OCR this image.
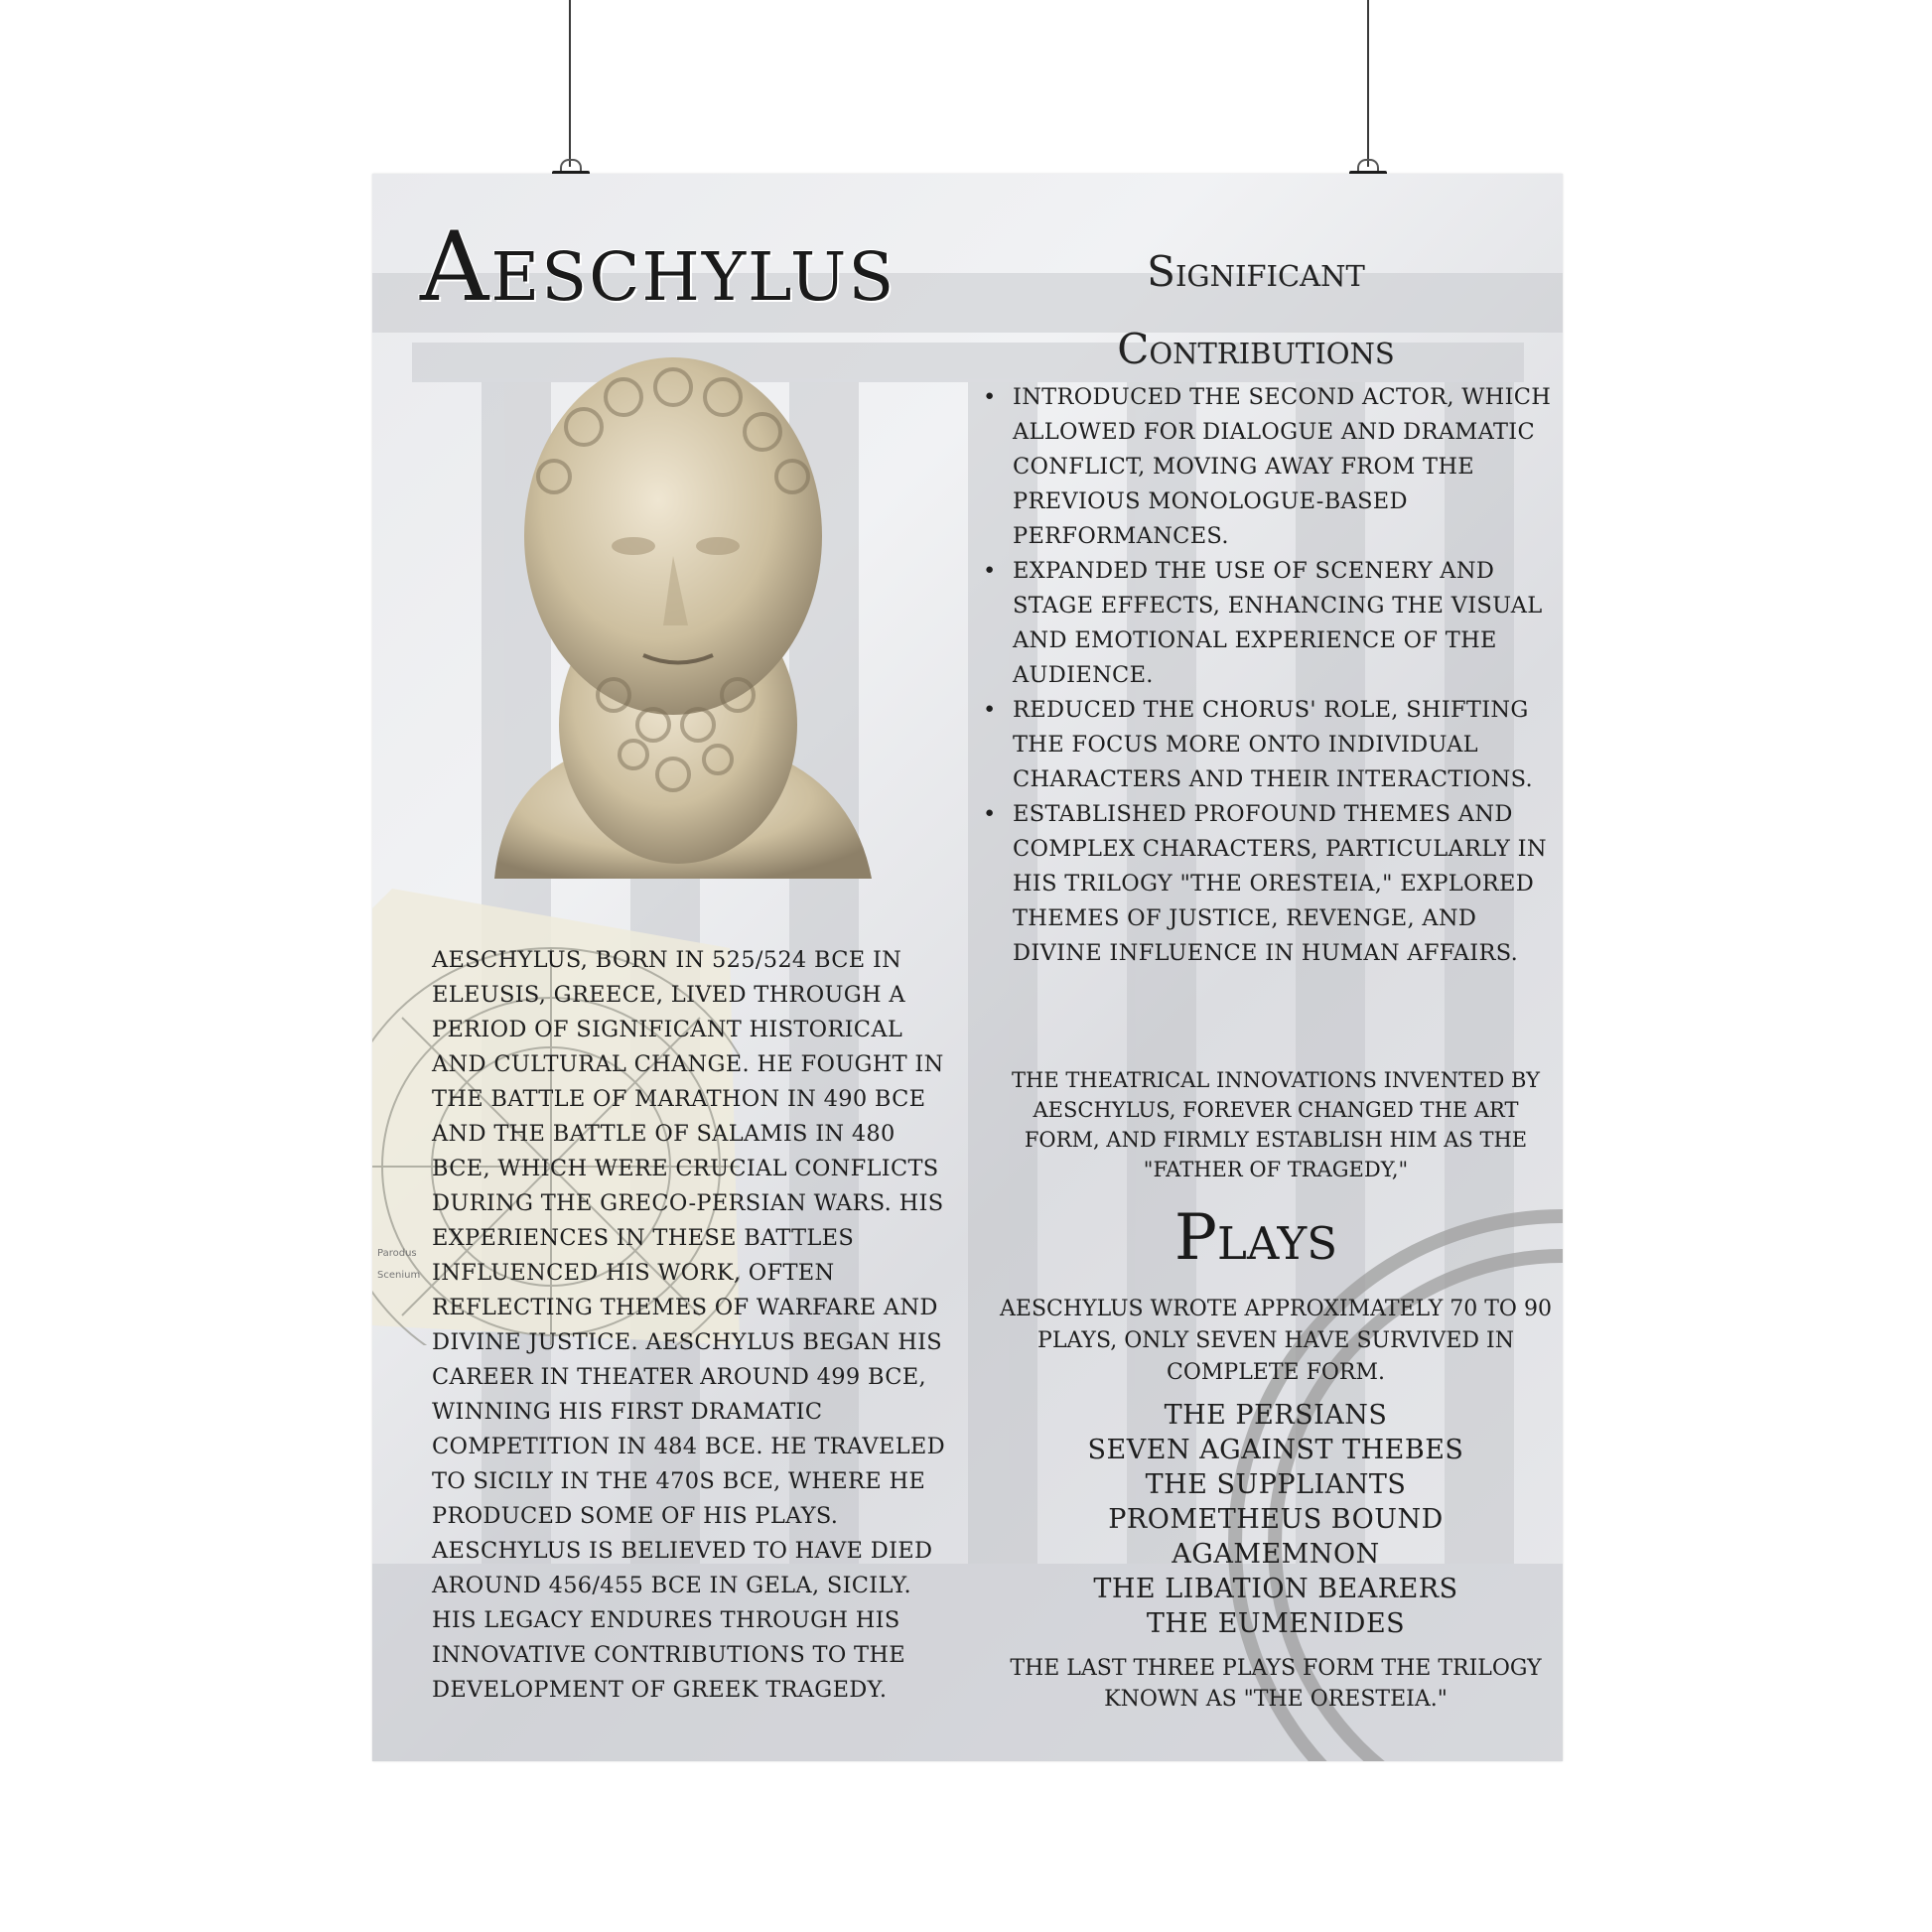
Aeschylus
Parodus
Scenium
AESCHYLUS, BORN IN 525/524 BCE IN ELEUSIS, GREECE, LIVED THROUGH A PERIOD OF SIGNIFICANT HISTORICAL AND CULTURAL CHANGE. HE FOUGHT IN THE BATTLE OF MARATHON IN 490 BCE AND THE BATTLE OF SALAMIS IN 480 BCE, WHICH WERE CRUCIAL CONFLICTS DURING THE GRECO-PERSIAN WARS. HIS EXPERIENCES IN THESE BATTLES INFLUENCED HIS WORK, OFTEN REFLECTING THEMES OF WARFARE AND DIVINE JUSTICE. AESCHYLUS BEGAN HIS CAREER IN THEATER AROUND 499 BCE, WINNING HIS FIRST DRAMATIC COMPETITION IN 484 BCE. HE TRAVELED TO SICILY IN THE 470S BCE, WHERE HE PRODUCED SOME OF HIS PLAYS. AESCHYLUS IS BELIEVED TO HAVE DIED AROUND 456/455 BCE IN GELA, SICILY. HIS LEGACY ENDURES THROUGH HIS INNOVATIVE CONTRIBUTIONS TO THE DEVELOPMENT OF GREEK TRAGEDY.
Significant
Contributions
• INTRODUCED THE SECOND ACTOR, WHICH ALLOWED FOR DIALOGUE AND DRAMATIC CONFLICT, MOVING AWAY FROM THE PREVIOUS MONOLOGUE-BASED PERFORMANCES.
• EXPANDED THE USE OF SCENERY AND STAGE EFFECTS, ENHANCING THE VISUAL AND EMOTIONAL EXPERIENCE OF THE AUDIENCE.
• REDUCED THE CHORUS' ROLE, SHIFTING THE FOCUS MORE ONTO INDIVIDUAL CHARACTERS AND THEIR INTERACTIONS.
• ESTABLISHED PROFOUND THEMES AND COMPLEX CHARACTERS, PARTICULARLY IN HIS TRILOGY "THE ORESTEIA," EXPLORED THEMES OF JUSTICE, REVENGE, AND DIVINE INFLUENCE IN HUMAN AFFAIRS.
THE THEATRICAL INNOVATIONS INVENTED BY AESCHYLUS, FOREVER CHANGED THE ART FORM, AND FIRMLY ESTABLISH HIM AS THE "FATHER OF TRAGEDY,"
Plays
AESCHYLUS WROTE APPROXIMATELY 70 TO 90 PLAYS, ONLY SEVEN HAVE SURVIVED IN COMPLETE FORM.
THE PERSIANS
SEVEN AGAINST THEBES
THE SUPPLIANTS
PROMETHEUS BOUND
AGAMEMNON
THE LIBATION BEARERS
THE EUMENIDES
THE LAST THREE PLAYS FORM THE TRILOGY KNOWN AS "THE ORESTEIA."
